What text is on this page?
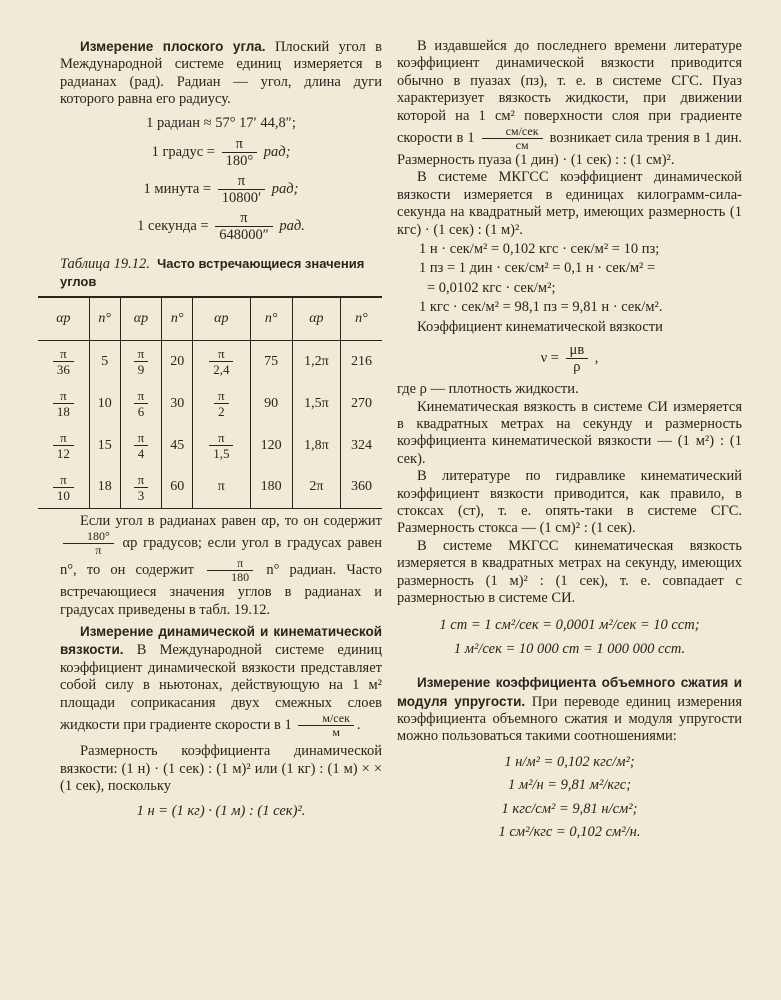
Измерение плоского угла. Плоский угол в Международной системе единиц измеряется в радианах (рад). Радиан — угол, длина дуги которого равна его радиусу.

1 радиан ≈ 57° 17′ 44,8″;
1 градус = $\frac{\pi}{180^\circ}$ рад;
1 минута = $\frac{\pi}{10800'}$ рад;
1 секунда = $\frac{\pi}{648000''}$ рад.
Таблица 19.12. Часто встречающиеся значения углов
αр	n°	αр	n°	αр	n°	αр	n°

$\frac{\pi}{36}$	5	$\frac{\pi}{9}$	20	$\frac{\pi}{2,4}$	75	1,2π	216

$\frac{\pi}{18}$	10	$\frac{\pi}{6}$	30	$\frac{\pi}{2}$	90	1,5π	270

$\frac{\pi}{12}$	15	$\frac{\pi}{4}$	45	$\frac{\pi}{1,5}$	120	1,8π	324

$\frac{\pi}{10}$	18	$\frac{\pi}{3}$	60	π	180	2π	360

Если угол в радианах равен αр, то он содержит
$\frac{180^\circ}{\pi}$ αр градусов; если угол в градусах равен n°, то он содержит $\frac{\pi}{180} n^\circ$ радиан. Часто встречающиеся значения углов в радианах и градусах приведены в табл. 19.12.

Измерение динамической и кинематической вязкости. В Международной системе единиц коэффициент динамической вязкости представляет собой силу в ньютонах, действующую на 1 м² площади соприкасания двух смежных слоев жидкости при градиенте скорости в $1 \frac{\text{м/сек}}{м}$ .

Размерность коэффициента динамической вязкости: (1 н) · (1 сек) : (1 м)² или (1 кг) : (1 м) × × (1 сек), поскольку

1 н = (1 кг) · (1 м) : (1 сек)².

В издавшейся до последнего времени литературе коэффициент динамической вязкости приводится обычно в пуазах (пз), т. е. в системе СГС. Пуаз характеризует вязкость жидкости, при движении которой на 1 см² поверхности слоя при градиенте скорости в $1 \frac{\text{см/сек}}{см}$ возникает сила трения в 1 дин. Размерность пуаза (1 дин) · (1 сек) : : (1 см)².

В системе МКГСС коэффициент динамической вязкости измеряется в единицах килограмм-сила-секунда на квадратный метр, имеющих размерность (1 кгс) · (1 сек) : (1 м)².

1 н · сек/м² = 0,102 кгс · сек/м² = 10 пз;
1 пз = 1 дин · сек/см² = 0,1 н · сек/м² =
= 0,0102 кгс · сек/м²;
1 кгс · сек/м² = 98,1 пз = 9,81 н · сек/м².

Коэффициент кинематической вязкости

$\nu = \frac{\mu в}{\rho}$ ,

где ρ — плотность жидкости.

Кинематическая вязкость в системе СИ измеряется в квадратных метрах на секунду и размерность коэффициента кинематической вязкости — (1 м²) : (1 сек).

В литературе по гидравлике кинематический коэффициент вязкости приводится, как правило, в стоксах (ст), т. е. опять-таки в системе СГС. Размерность стокса — (1 см)² : (1 сек).

В системе МКГСС кинематическая вязкость измеряется в квадратных метрах на секунду, имеющих размерность (1 м)² : (1 сек), т. е. совпадает с размерностью в системе СИ.

1 ст = 1 см²/сек = 0,0001 м²/сек = 10 сст;
1 м²/сек = 10 000 ст = 1 000 000 сст.

Измерение коэффициента объемного сжатия и модуля упругости. При переводе единиц измерения коэффициента объемного сжатия и модуля упругости можно пользоваться такими соотношениями:

1 н/м² = 0,102 кгс/м²;
1 м²/н = 9,81 м²/кгс;
1 кгс/см² = 9,81 н/см²;
1 см²/кгс = 0,102 см²/н.
